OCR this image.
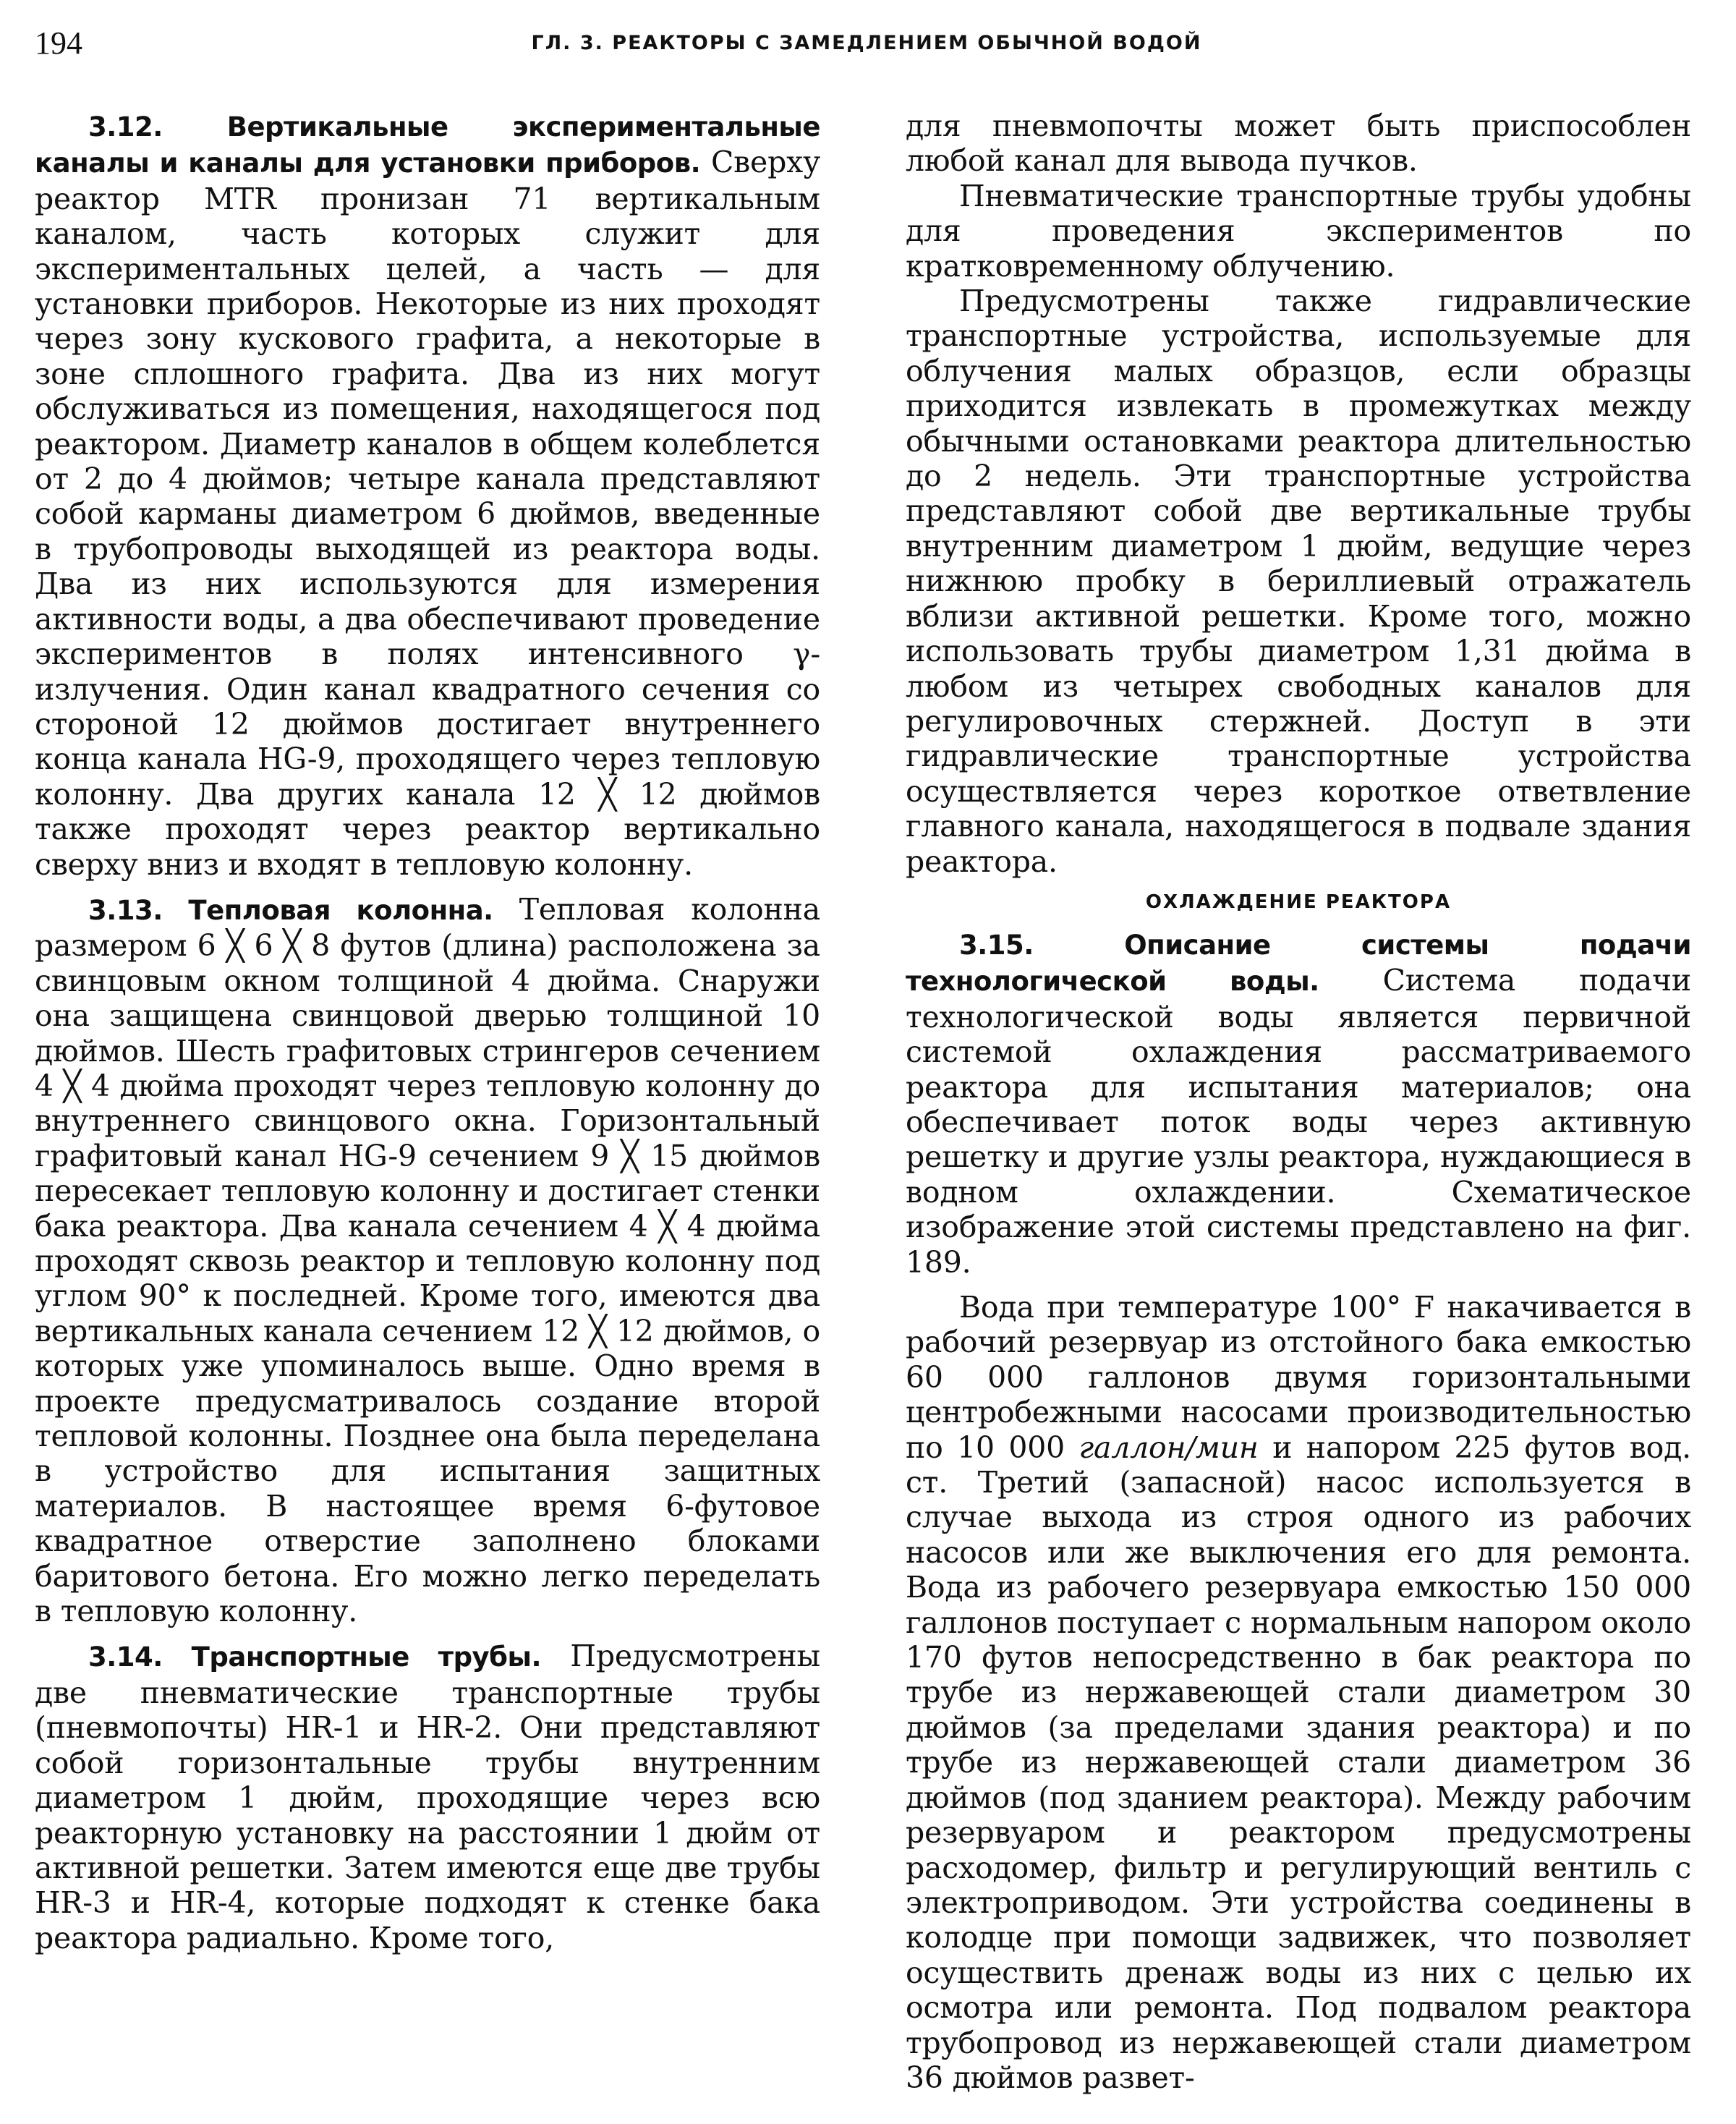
194	ГЛ. 3. РЕАКТОРЫ С ЗАМЕДЛЕНИЕМ ОБЫЧНОЙ ВОДОЙ

3.12. Вертикальные экспериментальные каналы и каналы для установки приборов. Сверху реактор MTR пронизан 71 вертикальным каналом, часть которых служит для экспериментальных целей, а часть — для установки приборов. Некоторые из них проходят через зону кускового графита, а некоторые в зоне сплошного графита. Два из них могут обслуживаться из помещения, находящегося под реактором. Диаметр каналов в общем колеблется от 2 до 4 дюймов; четыре канала представляют собой карманы диаметром 6 дюймов, введенные в трубопроводы выходящей из реактора воды. Два из них используются для измерения активности воды, а два обеспечивают проведение экспериментов в полях интенсивного γ-излучения. Один канал квадратного сечения со стороной 12 дюймов достигает внутреннего конца канала HG-9, проходящего через тепловую колонну. Два других канала 12 ╳ 12 дюймов также проходят через реактор вертикально сверху вниз и входят в тепловую колонну.

3.13. Тепловая колонна. Тепловая колонна размером 6 ╳ 6 ╳ 8 футов (длина) расположена за свинцовым окном толщиной 4 дюйма. Снаружи она защищена свинцовой дверью толщиной 10 дюймов. Шесть графитовых стрингеров сечением 4 ╳ 4 дюйма проходят через тепловую колонну до внутреннего свинцового окна. Горизонтальный графитовый канал HG-9 сечением 9 ╳ 15 дюймов пересекает тепловую колонну и достигает стенки бака реактора. Два канала сечением 4 ╳ 4 дюйма проходят сквозь реактор и тепловую колонну под углом 90° к последней. Кроме того, имеются два вертикальных канала сечением 12 ╳ 12 дюймов, о которых уже упоминалось выше. Одно время в проекте предусматривалось создание второй тепловой колонны. Позднее она была переделана в устройство для испытания защитных материалов. В настоящее время 6-футовое квадратное отверстие заполнено блоками баритового бетона. Его можно легко переделать в тепловую колонну.

3.14. Транспортные трубы. Предусмотрены две пневматические транспортные трубы (пневмопочты) HR-1 и HR-2. Они представляют собой горизонтальные трубы внутренним диаметром 1 дюйм, проходящие через всю реакторную установку на расстоянии 1 дюйм от активной решетки. Затем имеются еще две трубы HR-3 и HR-4, которые подходят к стенке бака реактора радиально. Кроме того,

для пневмопочты может быть приспособлен любой канал для вывода пучков.

Пневматические транспортные трубы удобны для проведения экспериментов по кратковременному облучению.

Предусмотрены также гидравлические транспортные устройства, используемые для облучения малых образцов, если образцы приходится извлекать в промежутках между обычными остановками реактора длительностью до 2 недель. Эти транспортные устройства представляют собой две вертикальные трубы внутренним диаметром 1 дюйм, ведущие через нижнюю пробку в бериллиевый отражатель вблизи активной решетки. Кроме того, можно использовать трубы диаметром 1,31 дюйма в любом из четырех свободных каналов для регулировочных стержней. Доступ в эти гидравлические транспортные устройства осуществляется через короткое ответвление главного канала, находящегося в подвале здания реактора.

ОХЛАЖДЕНИЕ РЕАКТОРА

3.15. Описание системы подачи технологической воды. Система подачи технологической воды является первичной системой охлаждения рассматриваемого реактора для испытания материалов; она обеспечивает поток воды через активную решетку и другие узлы реактора, нуждающиеся в водном охлаждении. Схематическое изображение этой системы представлено на фиг. 189.

Вода при температуре 100° F накачивается в рабочий резервуар из отстойного бака емкостью 60 000 галлонов двумя горизонтальными центробежными насосами производительностью по 10 000 галлон/мин и напором 225 футов вод. ст. Третий (запасной) насос используется в случае выхода из строя одного из рабочих насосов или же выключения его для ремонта. Вода из рабочего резервуара емкостью 150 000 галлонов поступает с нормальным напором около 170 футов непосредственно в бак реактора по трубе из нержавеющей стали диаметром 30 дюймов (за пределами здания реактора) и по трубе из нержавеющей стали диаметром 36 дюймов (под зданием реактора). Между рабочим резервуаром и реактором предусмотрены расходомер, фильтр и регулирующий вентиль с электроприводом. Эти устройства соединены в колодце при помощи задвижек, что позволяет осуществить дренаж воды из них с целью их осмотра или ремонта. Под подвалом реактора трубопровод из нержавеющей стали диаметром 36 дюймов развет-
